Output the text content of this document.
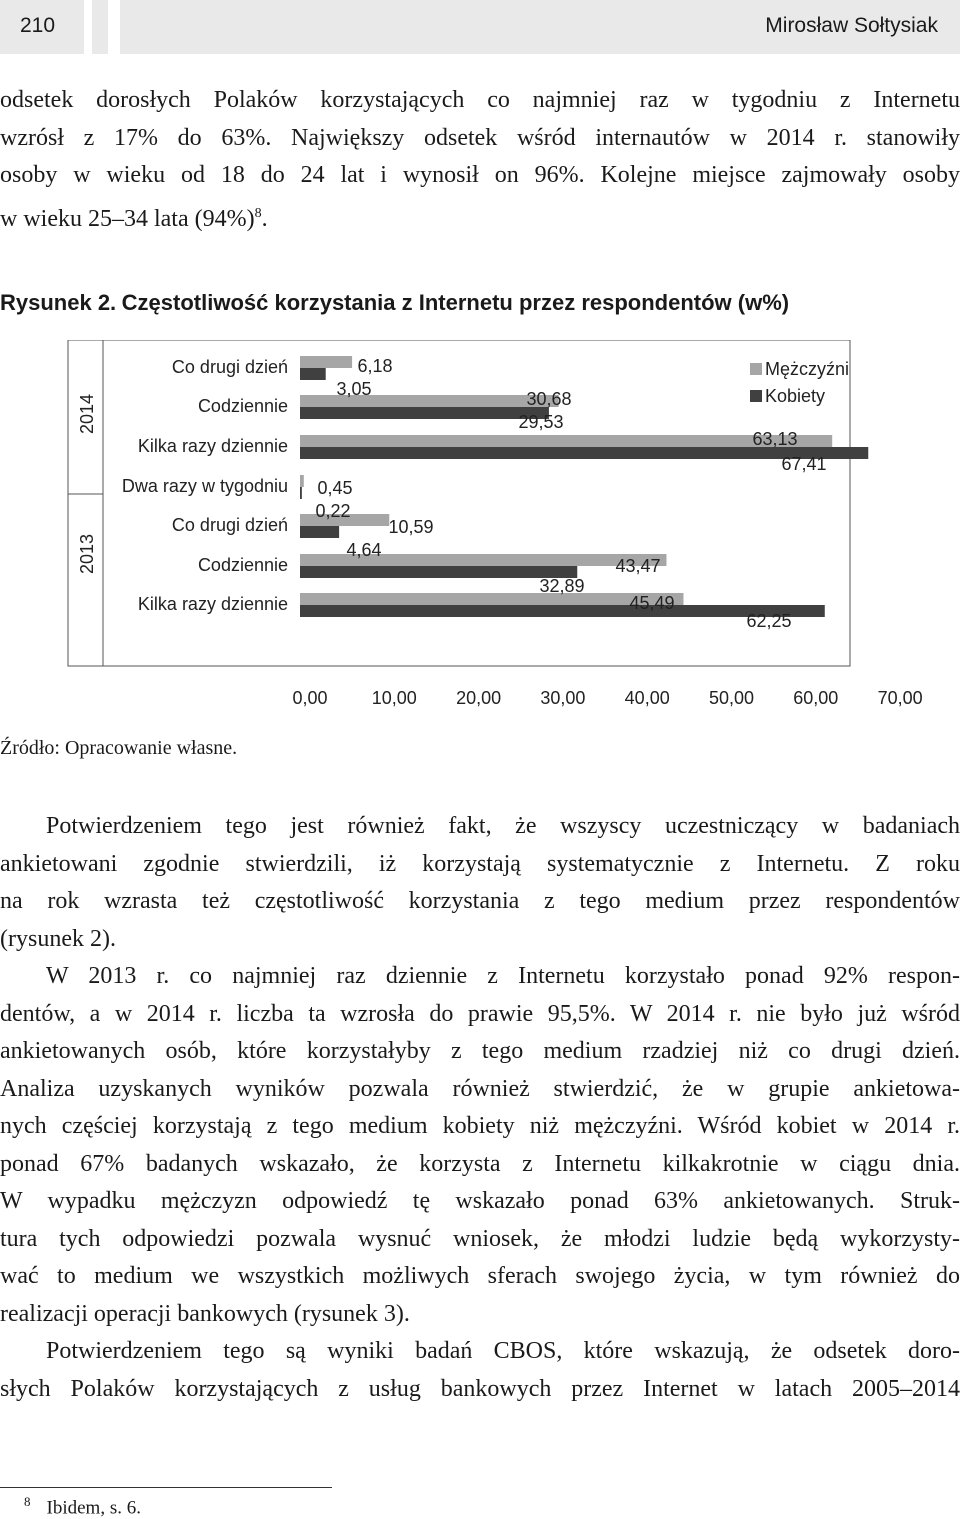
210	Mirosław Sołtysiak
odsetek dorosłych Polaków korzystających co najmniej raz w tygodniu z Internetu
wzrósł z 17% do 63%. Największy odsetek wśród internautów w 2014 r. stanowiły
osoby w wieku od 18 do 24 lat i wynosił on 96%. Kolejne miejsce zajmowały osoby
w wieku 25–34 lata (94%)$^8$.
Rysunek 2. Częstotliwość korzystania z Internetu przez respondentów (w%)
2014
2013
Co drugi dzień
Codziennie
Kilka razy dziennie
Dwa razy w tygodniu
Co drugi dzień
Codziennie
Kilka razy dziennie
6,18
3,05	30,68
29,53
63,13
67,41
0,45
0,22
10,59
4,64
43,47
32,89
45,49
62,25
0,00 10,00 20,00 30,00 40,00 50,00 60,00 70,00
Mężczyźni
Kobiety
Źródło: Opracowanie własne.
Potwierdzeniem tego jest również fakt, że wszyscy uczestniczący w badaniach
ankietowani zgodnie stwierdzili, iż korzystają systematycznie z Internetu. Z roku
na rok wzrasta też częstotliwość korzystania z tego medium przez respondentów
(rysunek 2).
W 2013 r. co najmniej raz dziennie z Internetu korzystało ponad 92% respon-
dentów, a w 2014 r. liczba ta wzrosła do prawie 95,5%. W 2014 r. nie było już wśród
ankietowanych osób, które korzystałyby z tego medium rzadziej niż co drugi dzień.
Analiza uzyskanych wyników pozwala również stwierdzić, że w grupie ankietowa-
nych częściej korzystają z tego medium kobiety niż mężczyźni. Wśród kobiet w 2014 r.
ponad 67% badanych wskazało, że korzysta z Internetu kilkakrotnie w ciągu dnia.
W wypadku mężczyzn odpowiedź tę wskazało ponad 63% ankietowanych. Struk-
tura tych odpowiedzi pozwala wysnuć wniosek, że młodzi ludzie będą wykorzysty-
wać to medium we wszystkich możliwych sferach swojego życia, w tym również do
realizacji operacji bankowych (rysunek 3).
Potwierdzeniem tego są wyniki badań CBOS, które wskazują, że odsetek doro-
słych Polaków korzystających z usług bankowych przez Internet w latach 2005–2014
$^8$ Ibidem, s. 6.
